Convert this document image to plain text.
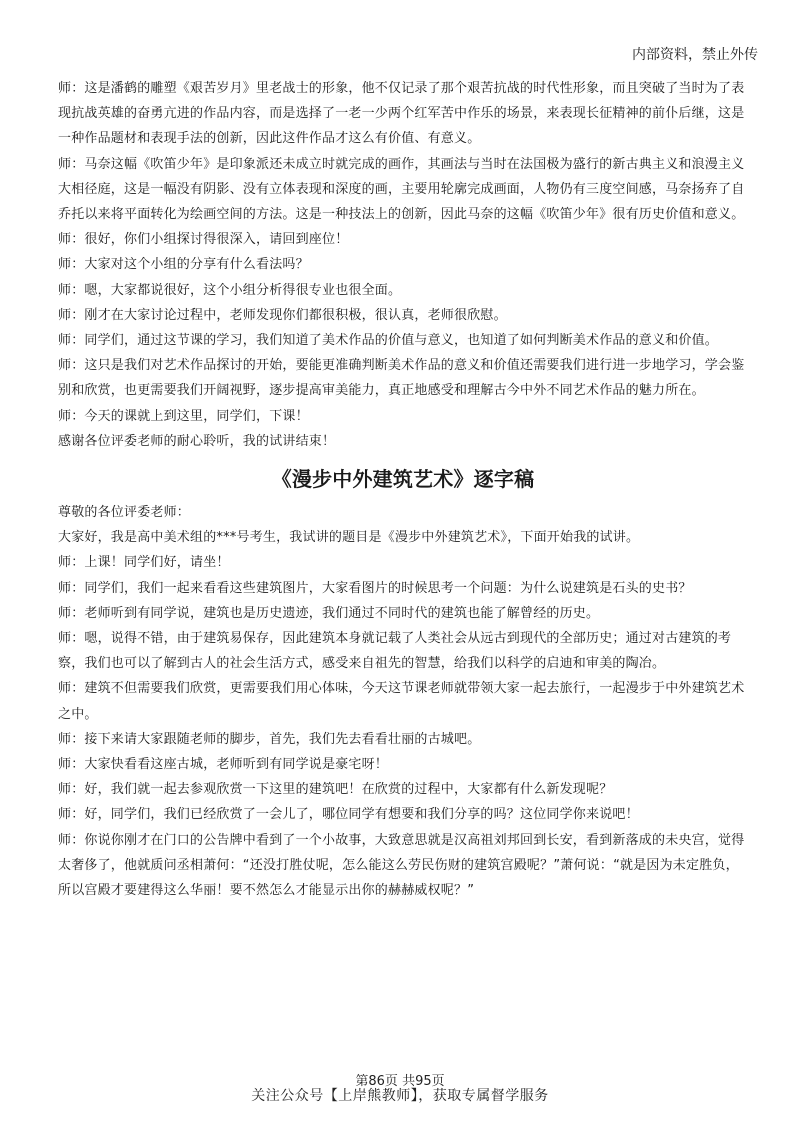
内部资料，禁止外传

师：这是潘鹤的雕塑《艰苦岁月》里老战士的形象，他不仅记录了那个艰苦抗战的时代性形象，而且突破了当时为了表现抗战英雄的奋勇亢进的作品内容，而是选择了一老一少两个红军苦中作乐的场景，来表现长征精神的前仆后继，这是一种作品题材和表现手法的创新，因此这件作品才这么有价值、有意义。

师：马奈这幅《吹笛少年》是印象派还未成立时就完成的画作，其画法与当时在法国极为盛行的新古典主义和浪漫主义大相径庭，这是一幅没有阴影、没有立体表现和深度的画，主要用轮廓完成画面，人物仍有三度空间感，马奈扬弃了自乔托以来将平面转化为绘画空间的方法。这是一种技法上的创新，因此马奈的这幅《吹笛少年》很有历史价值和意义。

师：很好，你们小组探讨得很深入，请回到座位！

师：大家对这个小组的分享有什么看法吗？

师：嗯，大家都说很好，这个小组分析得很专业也很全面。

师：刚才在大家讨论过程中，老师发现你们都很积极，很认真，老师很欣慰。

师：同学们，通过这节课的学习，我们知道了美术作品的价值与意义，也知道了如何判断美术作品的意义和价值。

师：这只是我们对艺术作品探讨的开始，要能更准确判断美术作品的意义和价值还需要我们进行进一步地学习，学会鉴别和欣赏，也更需要我们开阔视野，逐步提高审美能力，真正地感受和理解古今中外不同艺术作品的魅力所在。

师：今天的课就上到这里，同学们，下课！

感谢各位评委老师的耐心聆听，我的试讲结束！

《漫步中外建筑艺术》逐字稿

尊敬的各位评委老师：

大家好，我是高中美术组的***号考生，我试讲的题目是《漫步中外建筑艺术》，下面开始我的试讲。

师：上课！同学们好，请坐！

师：同学们，我们一起来看看这些建筑图片，大家看图片的时候思考一个问题：为什么说建筑是石头的史书？

师：老师听到有同学说，建筑也是历史遗迹，我们通过不同时代的建筑也能了解曾经的历史。

师：嗯，说得不错，由于建筑易保存，因此建筑本身就记载了人类社会从远古到现代的全部历史；通过对古建筑的考察，我们也可以了解到古人的社会生活方式，感受来自祖先的智慧，给我们以科学的启迪和审美的陶冶。

师：建筑不但需要我们欣赏，更需要我们用心体味，今天这节课老师就带领大家一起去旅行，一起漫步于中外建筑艺术之中。

师：接下来请大家跟随老师的脚步，首先，我们先去看看壮丽的古城吧。

师：大家快看看这座古城，老师听到有同学说是豪宅呀！

师：好，我们就一起去参观欣赏一下这里的建筑吧！在欣赏的过程中，大家都有什么新发现呢？

师：好，同学们，我们已经欣赏了一会儿了，哪位同学有想要和我们分享的吗？这位同学你来说吧！

师：你说你刚才在门口的公告牌中看到了一个小故事，大致意思就是汉高祖刘邦回到长安，看到新落成的未央宫，觉得太奢侈了，他就质问丞相萧何：“还没打胜仗呢，怎么能这么劳民伤财的建筑宫殿呢？”萧何说：“就是因为未定胜负，所以宫殿才要建得这么华丽！要不然怎么才能显示出你的赫赫威权呢？”

第86页 共95页
关注公众号【上岸熊教师】，获取专属督学服务
